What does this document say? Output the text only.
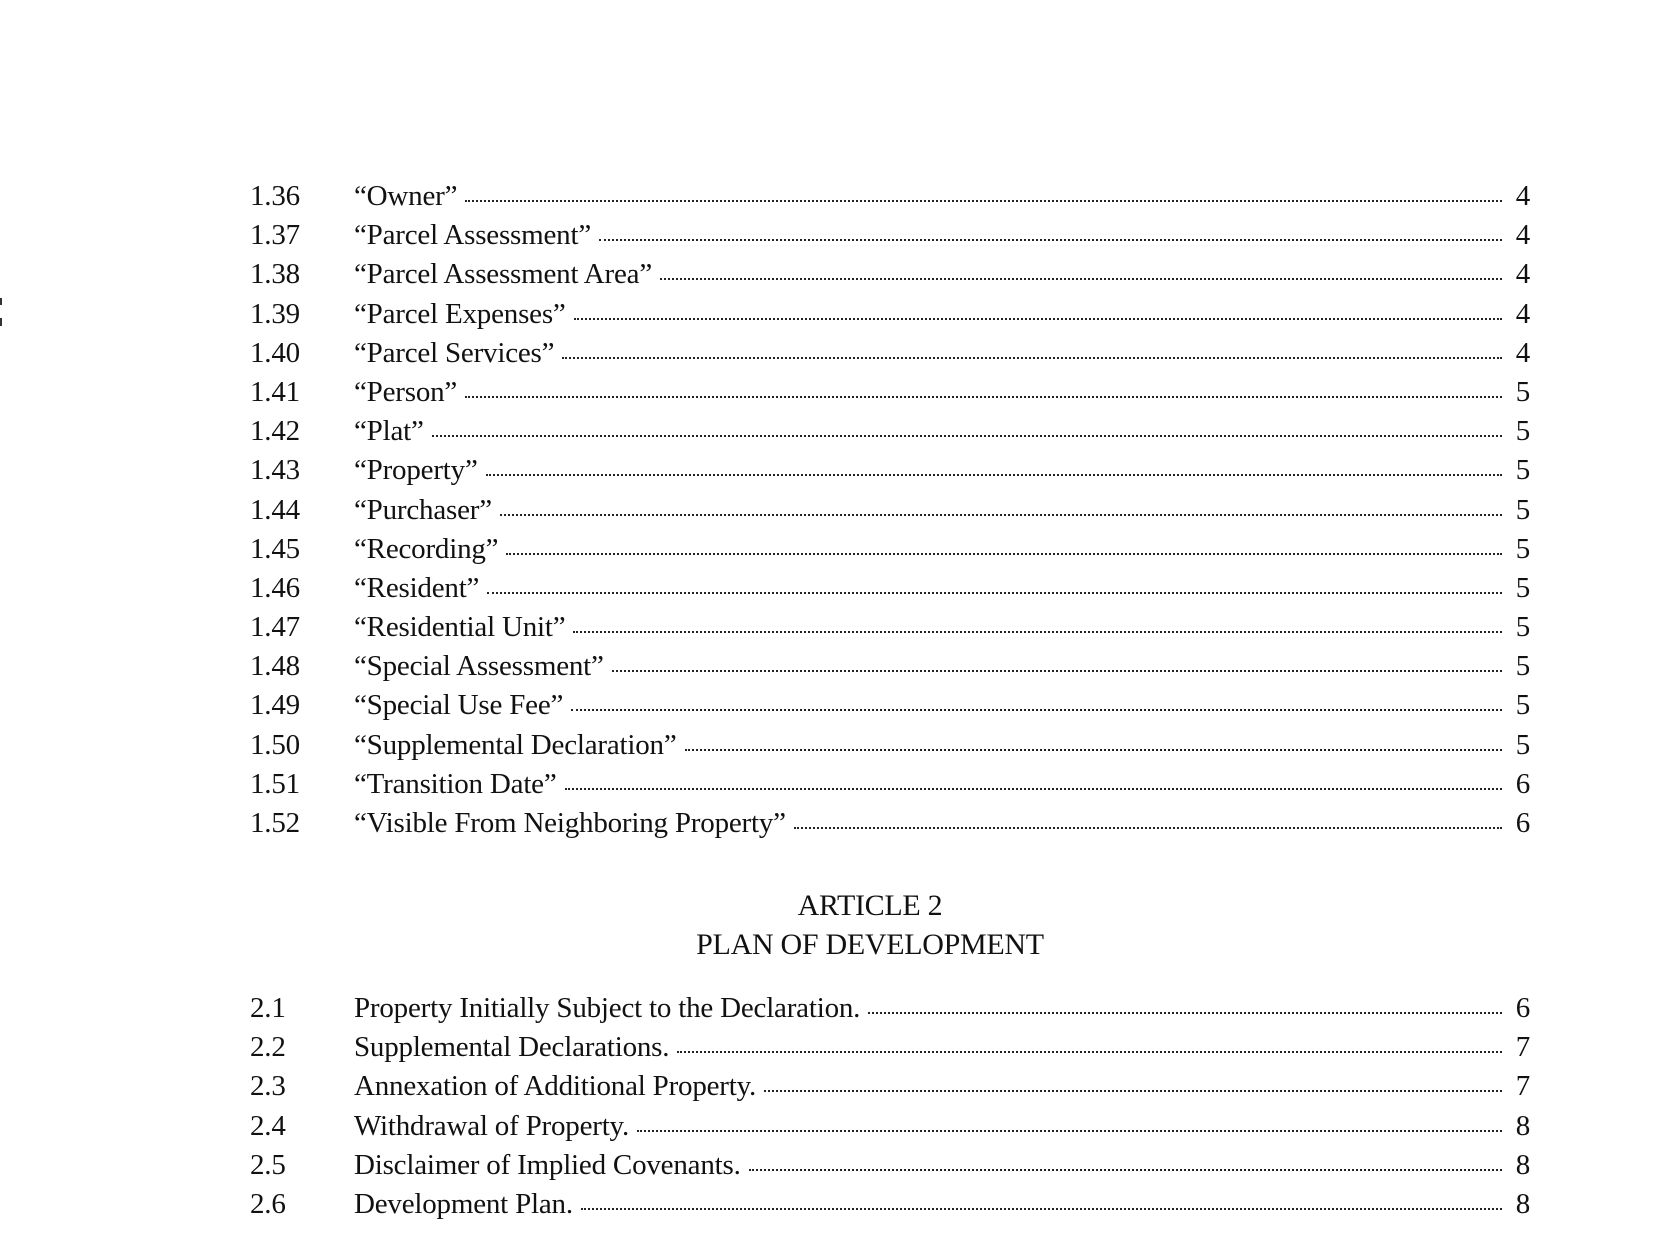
1.36	“Owner”	4
1.37	“Parcel Assessment”	4
1.38	“Parcel Assessment Area”	4
1.39	“Parcel Expenses”	4
1.40	“Parcel Services”	4
1.41	“Person”	5
1.42	“Plat”	5
1.43	“Property”	5
1.44	“Purchaser”	5
1.45	“Recording”	5
1.46	“Resident”	5
1.47	“Residential Unit”	5
1.48	“Special Assessment”	5
1.49	“Special Use Fee”	5
1.50	“Supplemental Declaration”	5
1.51	“Transition Date”	6
1.52	“Visible From Neighboring Property”	6
ARTICLE 2
PLAN OF DEVELOPMENT
2.1	Property Initially Subject to the Declaration.	6
2.2	Supplemental Declarations.	7
2.3	Annexation of Additional Property.	7
2.4	Withdrawal of Property.	8
2.5	Disclaimer of Implied Covenants.	8
2.6	Development Plan.	8
